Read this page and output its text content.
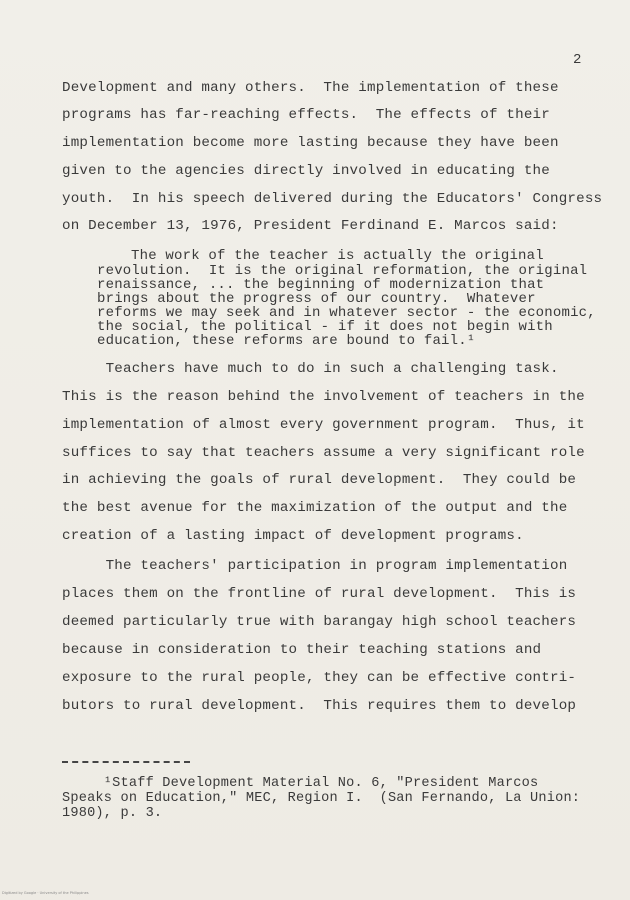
2
Development and many others.  The implementation of these
programs has far-reaching effects.  The effects of their
implementation become more lasting because they have been
given to the agencies directly involved in educating the
youth.  In his speech delivered during the Educators' Congress
on December 13, 1976, President Ferdinand E. Marcos said:
The work of the teacher is actually the original
revolution.  It is the original reformation, the original
renaissance, ... the beginning of modernization that
brings about the progress of our country.  Whatever
reforms we may seek and in whatever sector - the economic,
the social, the political - if it does not begin with
education, these reforms are bound to fail.¹
Teachers have much to do in such a challenging task.
This is the reason behind the involvement of teachers in the
implementation of almost every government program.  Thus, it
suffices to say that teachers assume a very significant role
in achieving the goals of rural development.  They could be
the best avenue for the maximization of the output and the
creation of a lasting impact of development programs.
The teachers' participation in program implementation
places them on the frontline of rural development.  This is
deemed particularly true with barangay high school teachers
because in consideration to their teaching stations and
exposure to the rural people, they can be effective contri-
butors to rural development.  This requires them to develop
¹Staff Development Material No. 6, "President Marcos
Speaks on Education," MEC, Region I.  (San Fernando, La Union:
1980), p. 3.
Digitized by Google · University of the Philippines
